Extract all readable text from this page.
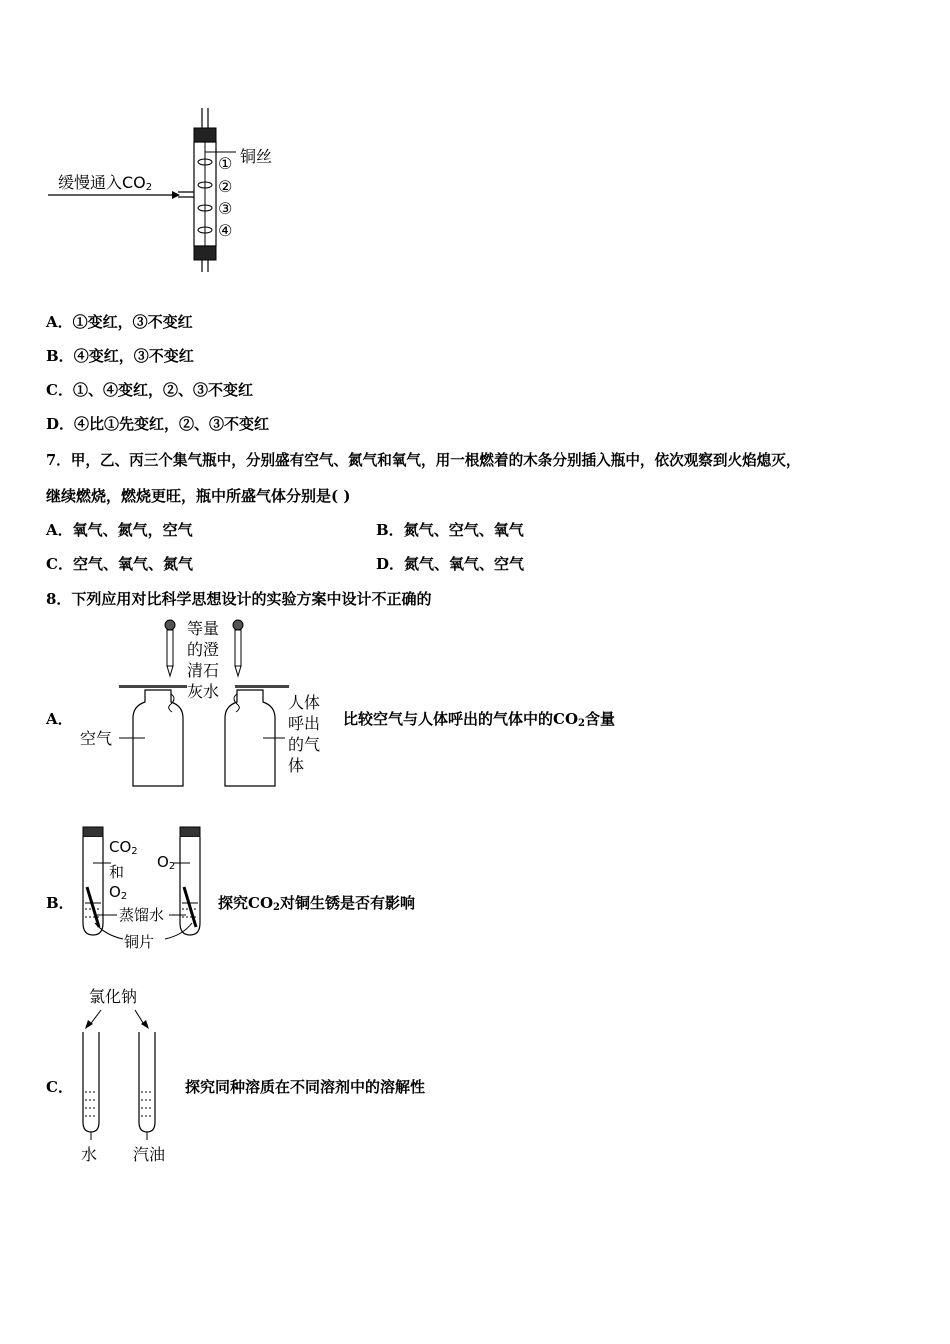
缓慢通入$CO_2$
铜丝
①
②
③
④
A．①变红，③不变红
B．④变红，③不变红
C．①、④变红，②、③不变红
D．④比①先变红，②、③不变红
7．甲，乙、丙三个集气瓶中，分别盛有空气、氮气和氧气，用一根燃着的木条分别插入瓶中，依次观察到火焰熄灭，
继续燃烧，燃烧更旺，瓶中所盛气体分别是( )
A．氧气、氮气，空气	B．氮气、空气、氧气
C．空气、氧气、氮气	D．氮气、氧气、空气
8．下列应用对比科学思想设计的实验方案中设计不正确的
A．
空气
等量
的澄
清石
灰水
人体
呼出
的气
体
比较空气与人体呼出的气体中的$CO_2$含量
B．
$CO_2$
和
$O_2$
$O_2$
蒸馏水
铜片
探究$CO_2$对铜生锈是否有影响
C．
氯化钠
水 汽油
探究同种溶质在不同溶剂中的溶解性
